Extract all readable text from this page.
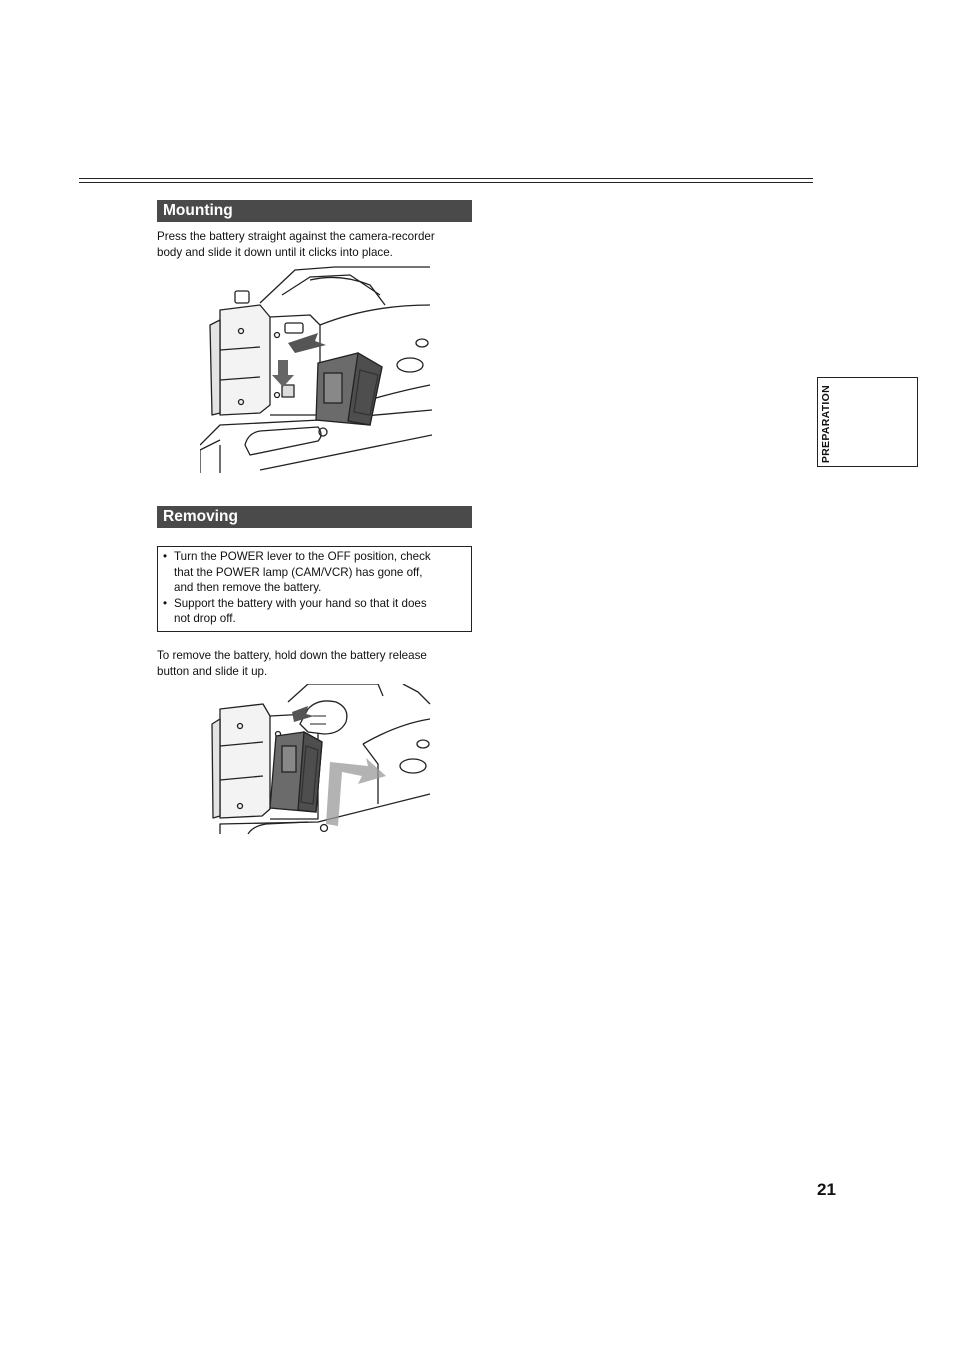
Mounting

Press the battery straight against the camera-recorder
body and slide it down until it clicks into place.

Removing
• Turn the POWER lever to the OFF position, check
that the POWER lamp (CAM/VCR) has gone off,
and then remove the battery.
• Support the battery with your hand so that it does
not drop off.

To remove the battery, hold down the battery release
button and slide it up.

PREPARATION
21
